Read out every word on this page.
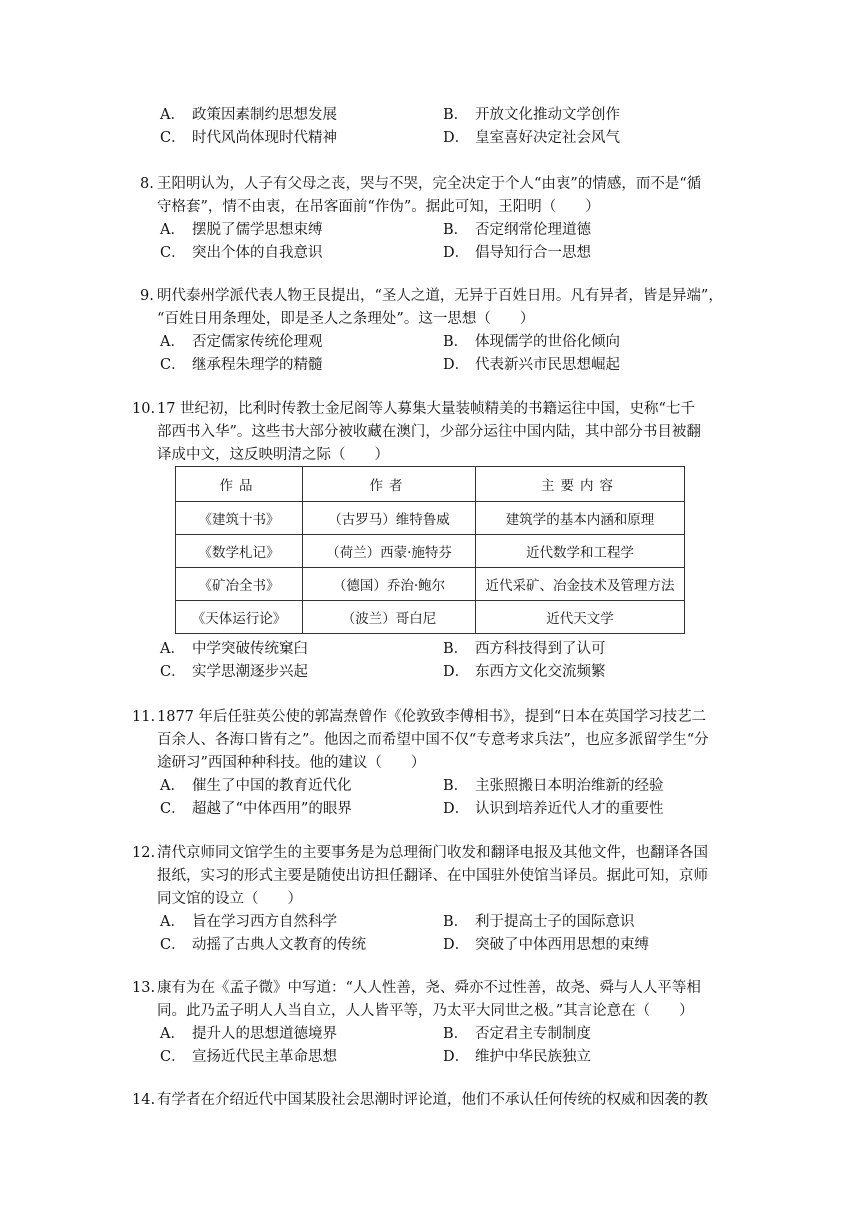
A． 政策因素制约思想发展	B． 开放文化推动文学创作
C． 时代风尚体现时代精神	D． 皇室喜好决定社会风气
8. 王阳明认为，人子有父母之丧，哭与不哭，完全决定于个人“由衷”的情感，而不是“循
守格套”，情不由衷，在吊客面前“作伪”。据此可知，王阳明（　　）
A． 摆脱了儒学思想束缚	B． 否定纲常伦理道德
C． 突出个体的自我意识	D． 倡导知行合一思想
9. 明代泰州学派代表人物王艮提出，“圣人之道，无异于百姓日用。凡有异者，皆是异端”，
“百姓日用条理处，即是圣人之条理处”。这一思想（　　）
A． 否定儒家传统伦理观	B． 体现儒学的世俗化倾向
C． 继承程朱理学的精髓	D． 代表新兴市民思想崛起
10. 17 世纪初，比利时传教士金尼阁等人募集大量装帧精美的书籍运往中国，史称“七千
部西书入华”。这些书大部分被收藏在澳门，少部分运往中国内陆，其中部分书目被翻
译成中文，这反映明清之际（　　）
作品	作者	主要内容
《建筑十书》	（古罗马）维特鲁威	建筑学的基本内涵和原理
《数学札记》	（荷兰）西蒙·施特芬	近代数学和工程学
《矿冶全书》	（德国）乔治·鲍尔	近代采矿、冶金技术及管理方法
《天体运行论》	（波兰）哥白尼	近代天文学
A． 中学突破传统窠臼	B． 西方科技得到了认可
C． 实学思潮逐步兴起	D． 东西方文化交流频繁
11. 1877 年后任驻英公使的郭嵩焘曾作《伦敦致李傅相书》，提到“日本在英国学习技艺二
百余人、各海口皆有之”。他因之而希望中国不仅“专意考求兵法”，也应多派留学生“分
途研习”西国种种科技。他的建议（　　）
A． 催生了中国的教育近代化	B． 主张照搬日本明治维新的经验
C． 超越了“中体西用”的眼界	D． 认识到培养近代人才的重要性
12. 清代京师同文馆学生的主要事务是为总理衙门收发和翻译电报及其他文件，也翻译各国
报纸，实习的形式主要是随使出访担任翻译、在中国驻外使馆当译员。据此可知，京师
同文馆的设立（　　）
A． 旨在学习西方自然科学	B． 利于提高士子的国际意识
C． 动摇了古典人文教育的传统	D． 突破了中体西用思想的束缚
13. 康有为在《孟子微》中写道：“人人性善，尧、舜亦不过性善，故尧、舜与人人平等相
同。此乃孟子明人人当自立，人人皆平等，乃太平大同世之极。”其言论意在（　　）
A． 提升人的思想道德境界	B． 否定君主专制制度
C． 宣扬近代民主革命思想	D． 维护中华民族独立
14. 有学者在介绍近代中国某股社会思潮时评论道，他们不承认任何传统的权威和因袭的教
